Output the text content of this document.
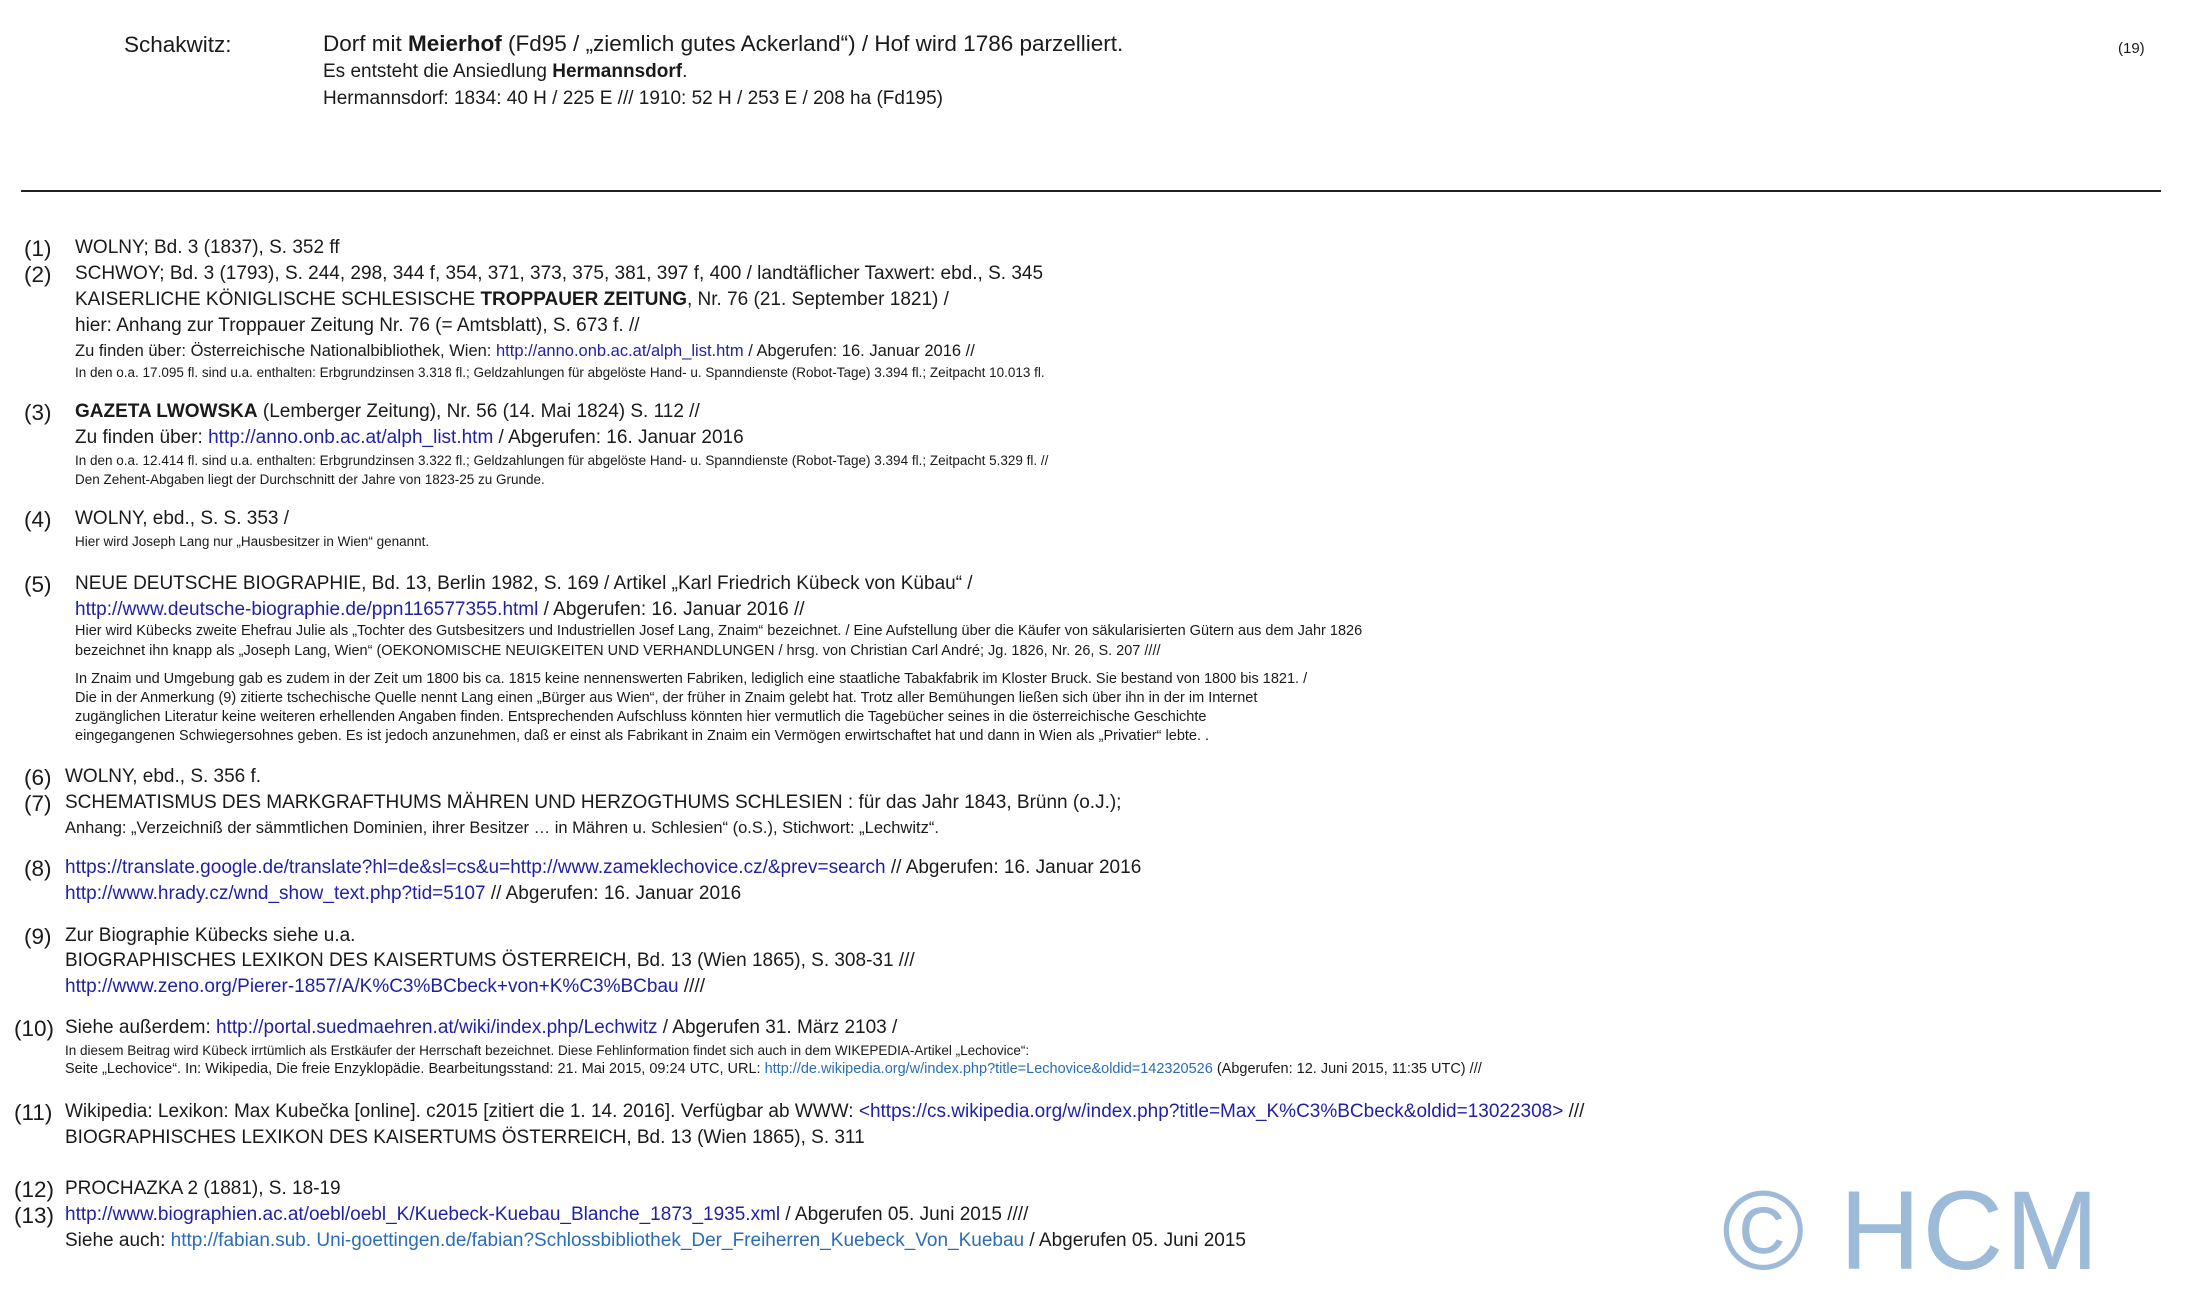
Schakwitz:	Dorf mit Meierhof (Fd95 / „ziemlich gutes Ackerland“) / Hof wird 1786 parzelliert.
Es entsteht die Ansiedlung Hermannsdorf.
Hermannsdorf: 1834: 40 H / 225 E /// 1910: 52 H / 253 E / 208 ha (Fd195)
(19)
(1) WOLNY; Bd. 3 (1837), S. 352 ff
(2) SCHWOY; Bd. 3 (1793), S. 244, 298, 344 f, 354, 371, 373, 375, 381, 397 f, 400 / landtäflicher Taxwert: ebd., S. 345
KAISERLICHE KÖNIGLISCHE SCHLESISCHE TROPPAUER ZEITUNG, Nr. 76 (21. September 1821) /
hier: Anhang zur Troppauer Zeitung Nr. 76 (= Amtsblatt), S. 673 f. //
Zu finden über: Österreichische Nationalbibliothek, Wien: http://anno.onb.ac.at/alph_list.htm / Abgerufen: 16. Januar 2016 //
In den o.a. 17.095 fl. sind u.a. enthalten: Erbgrundzinsen 3.318 fl.; Geldzahlungen für abgelöste Hand- u. Spanndienste (Robot-Tage) 3.394 fl.; Zeitpacht 10.013 fl.
(3) GAZETA LWOWSKA (Lemberger Zeitung), Nr. 56 (14. Mai 1824) S. 112 //
Zu finden über: http://anno.onb.ac.at/alph_list.htm / Abgerufen: 16. Januar 2016
In den o.a. 12.414 fl. sind u.a. enthalten: Erbgrundzinsen 3.322 fl.; Geldzahlungen für abgelöste Hand- u. Spanndienste (Robot-Tage) 3.394 fl.; Zeitpacht 5.329 fl. //
Den Zehent-Abgaben liegt der Durchschnitt der Jahre von 1823-25 zu Grunde.
(4) WOLNY, ebd., S. S. 353 /
Hier wird Joseph Lang nur „Hausbesitzer in Wien“ genannt.
(5) NEUE DEUTSCHE BIOGRAPHIE, Bd. 13, Berlin 1982, S. 169 / Artikel „Karl Friedrich Kübeck von Kübau“ /
http://www.deutsche-biographie.de/ppn116577355.html / Abgerufen: 16. Januar 2016 //
Hier wird Kübecks zweite Ehefrau Julie als „Tochter des Gutsbesitzers und Industriellen Josef Lang, Znaim“ bezeichnet. / Eine Aufstellung über die Käufer von säkularisierten Gütern aus dem Jahr 1826
bezeichnet ihn knapp als „Joseph Lang, Wien“ (OEKONOMISCHE NEUIGKEITEN UND VERHANDLUNGEN / hrsg. von Christian Carl André; Jg. 1826, Nr. 26, S. 207 ////
In Znaim und Umgebung gab es zudem in der Zeit um 1800 bis ca. 1815 keine nennenswerten Fabriken, lediglich eine staatliche Tabakfabrik im Kloster Bruck. Sie bestand von 1800 bis 1821. /
Die in der Anmerkung (9) zitierte tschechische Quelle nennt Lang einen „Bürger aus Wien“, der früher in Znaim gelebt hat. Trotz aller Bemühungen ließen sich über ihn in der im Internet
zugänglichen Literatur keine weiteren erhellenden Angaben finden. Entsprechenden Aufschluss könnten hier vermutlich die Tagebücher seines in die österreichische Geschichte
eingegangenen Schwiegersohnes geben. Es ist jedoch anzunehmen, daß er einst als Fabrikant in Znaim ein Vermögen erwirtschaftet hat und dann in Wien als „Privatier“ lebte. .
(6) WOLNY, ebd., S. 356 f.
(7) SCHEMATISMUS DES MARKGRAFTHUMS MÄHREN UND HERZOGTHUMS SCHLESIEN : für das Jahr 1843, Brünn (o.J.);
Anhang: „Verzeichniß der sämmtlichen Dominien, ihrer Besitzer … in Mähren u. Schlesien“ (o.S.), Stichwort: „Lechwitz“.
(8) https://translate.google.de/translate?hl=de&sl=cs&u=http://www.zameklechovice.cz/&prev=search // Abgerufen: 16. Januar 2016
http://www.hrady.cz/wnd_show_text.php?tid=5107 // Abgerufen: 16. Januar 2016
(9) Zur Biographie Kübecks siehe u.a.
BIOGRAPHISCHES LEXIKON DES KAISERTUMS ÖSTERREICH, Bd. 13 (Wien 1865), S. 308-31 ///
http://www.zeno.org/Pierer-1857/A/K%C3%BCbeck+von+K%C3%BCbau ////
(10) Siehe außerdem: http://portal.suedmaehren.at/wiki/index.php/Lechwitz / Abgerufen 31. März 2103 /
In diesem Beitrag wird Kübeck irrtümlich als Erstkäufer der Herrschaft bezeichnet. Diese Fehlinformation findet sich auch in dem WIKEPEDIA-Artikel „Lechovice“:
Seite „Lechovice“. In: Wikipedia, Die freie Enzyklopädie. Bearbeitungsstand: 21. Mai 2015, 09:24 UTC, URL: http://de.wikipedia.org/w/index.php?title=Lechovice&oldid=142320526 (Abgerufen: 12. Juni 2015, 11:35 UTC) ///
(11) Wikipedia: Lexikon: Max Kubečka [online]. c2015 [zitiert die 1. 14. 2016]. Verfügbar ab WWW: <https://cs.wikipedia.org/w/index.php?title=Max_K%C3%BCbeck&oldid=13022308> ///
BIOGRAPHISCHES LEXIKON DES KAISERTUMS ÖSTERREICH, Bd. 13 (Wien 1865), S. 311
(12) PROCHAZKA 2 (1881), S. 18-19
(13) http://www.biographien.ac.at/oebl/oebl_K/Kuebeck-Kuebau_Blanche_1873_1935.xml / Abgerufen 05. Juni 2015 ////
Siehe auch: http://fabian.sub. Uni-goettingen.de/fabian?Schlossbibliothek_Der_Freiherren_Kuebeck_Von_Kuebau / Abgerufen 05. Juni 2015	© HCM
